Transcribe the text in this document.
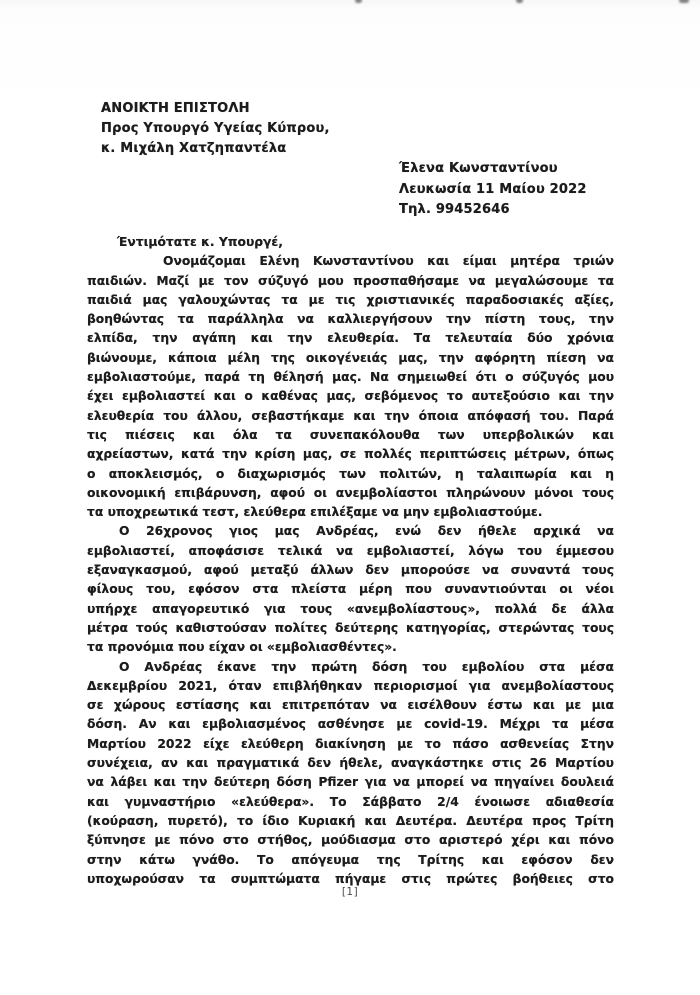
ΑΝΟΙΚΤΗ ΕΠΙΣΤΟΛΗ
Προς Υπουργό Υγείας Κύπρου,
κ. Μιχάλη Χατζηπαντέλα
Έλενα Κωνσταντίνου
Λευκωσία 11 Μαίου 2022
Τηλ. 99452646
Έντιμότατε κ. Υπουργέ,
Ονομάζομαι Ελένη Κωνσταντίνου και είμαι μητέρα τριών
παιδιών. Μαζί με τον σύζυγό μου προσπαθήσαμε να μεγαλώσουμε τα
παιδιά μας γαλουχώντας τα με τις χριστιανικές παραδοσιακές αξίες,
βοηθώντας τα παράλληλα να καλλιεργήσουν την πίστη τους, την
ελπίδα, την αγάπη και την ελευθερία. Τα τελευταία δύο χρόνια
βιώνουμε, κάποια μέλη της οικογένειάς μας, την αφόρητη πίεση να
εμβολιαστούμε, παρά τη θέλησή μας. Να σημειωθεί ότι ο σύζυγός μου
έχει εμβολιαστεί και ο καθένας μας, σεβόμενος το αυτεξούσιο και την
ελευθερία του άλλου, σεβαστήκαμε και την όποια απόφασή του. Παρά
τις πιέσεις και όλα τα συνεπακόλουθα των υπερβολικών και
αχρείαστων, κατά την κρίση μας, σε πολλές περιπτώσεις μέτρων, όπως
ο αποκλεισμός, ο διαχωρισμός των πολιτών, η ταλαιπωρία και η
οικονομική επιβάρυνση, αφού οι ανεμβολίαστοι πληρώνουν μόνοι τους
τα υποχρεωτικά τεστ, ελεύθερα επιλέξαμε να μην εμβολιαστούμε.
Ο 26χρονος γιος μας Ανδρέας, ενώ δεν ήθελε αρχικά να
εμβολιαστεί, αποφάσισε τελικά να εμβολιαστεί, λόγω του έμμεσου
εξαναγκασμού, αφού μεταξύ άλλων δεν μπορούσε να συναντά τους
φίλους του, εφόσον στα πλείστα μέρη που συναντιούνται οι νέοι
υπήρχε απαγορευτικό για τους «ανεμβολίαστους», πολλά δε άλλα
μέτρα τούς καθιστούσαν πολίτες δεύτερης κατηγορίας, στερώντας τους
τα προνόμια που είχαν οι «εμβολιασθέντες».
Ο Ανδρέας έκανε την πρώτη δόση του εμβολίου στα μέσα
Δεκεμβρίου 2021, όταν επιβλήθηκαν περιορισμοί για ανεμβολίαστους
σε χώρους εστίασης και επιτρεπόταν να εισέλθουν έστω και με μια
δόση. Αν και εμβολιασμένος ασθένησε με covid-19. Μέχρι τα μέσα
Μαρτίου 2022 είχε ελεύθερη διακίνηση με το πάσο ασθενείας Στην
συνέχεια, αν και πραγματικά δεν ήθελε, αναγκάστηκε στις 26 Μαρτίου
να λάβει και την δεύτερη δόση Pfizer για να μπορεί να πηγαίνει δουλειά
και γυμναστήριο «ελεύθερα». Το Σάββατο 2/4 ένοιωσε αδιαθεσία
(κούραση, πυρετό), το ίδιο Κυριακή και Δευτέρα. Δευτέρα προς Τρίτη
ξύπνησε με πόνο στο στήθος, μούδιασμα στο αριστερό χέρι και πόνο
στην κάτω γνάθο. Το απόγευμα της Τρίτης και εφόσον δεν
υποχωρούσαν τα συμπτώματα πήγαμε στις πρώτες βοήθειες στο
[1]
